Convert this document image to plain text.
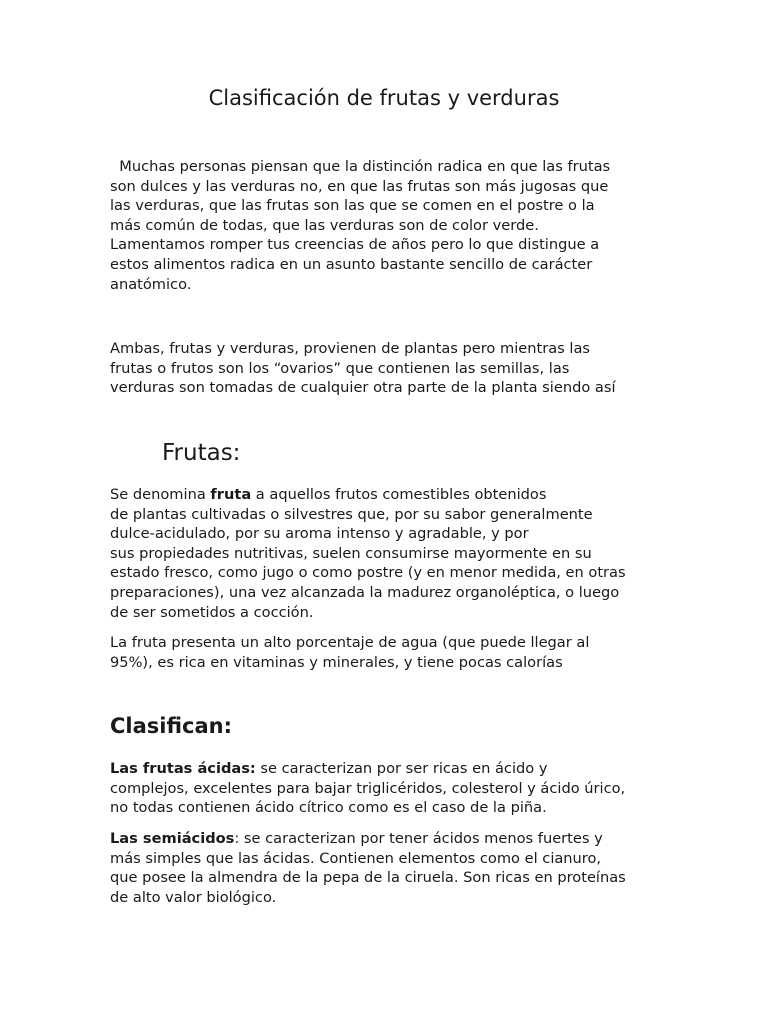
Clasificación de frutas y verduras

Muchas personas piensan que la distinción radica en que las frutas
son dulces y las verduras no, en que las frutas son más jugosas que
las verduras, que las frutas son las que se comen en el postre o la
más común de todas, que las verduras son de color verde.
Lamentamos romper tus creencias de años pero lo que distingue a
estos alimentos radica en un asunto bastante sencillo de carácter
anatómico.

Ambas, frutas y verduras, provienen de plantas pero mientras las
frutas o frutos son los “ovarios” que contienen las semillas, las
verduras son tomadas de cualquier otra parte de la planta siendo así

Frutas:

Se denomina fruta a aquellos frutos comestibles obtenidos
de plantas cultivadas o silvestres que, por su sabor generalmente
dulce-acidulado, por su aroma intenso y agradable, y por
sus propiedades nutritivas, suelen consumirse mayormente en su
estado fresco, como jugo o como postre (y en menor medida, en otras
preparaciones), una vez alcanzada la madurez organoléptica, o luego
de ser sometidos a cocción.

La fruta presenta un alto porcentaje de agua (que puede llegar al
95%), es rica en vitaminas y minerales, y tiene pocas calorías

Clasifican:

Las frutas ácidas: se caracterizan por ser ricas en ácido y
complejos, excelentes para bajar triglicéridos, colesterol y ácido úrico,
no todas contienen ácido cítrico como es el caso de la piña.

Las semiácidos: se caracterizan por tener ácidos menos fuertes y
más simples que las ácidas. Contienen elementos como el cianuro,
que posee la almendra de la pepa de la ciruela. Son ricas en proteínas
de alto valor biológico.
